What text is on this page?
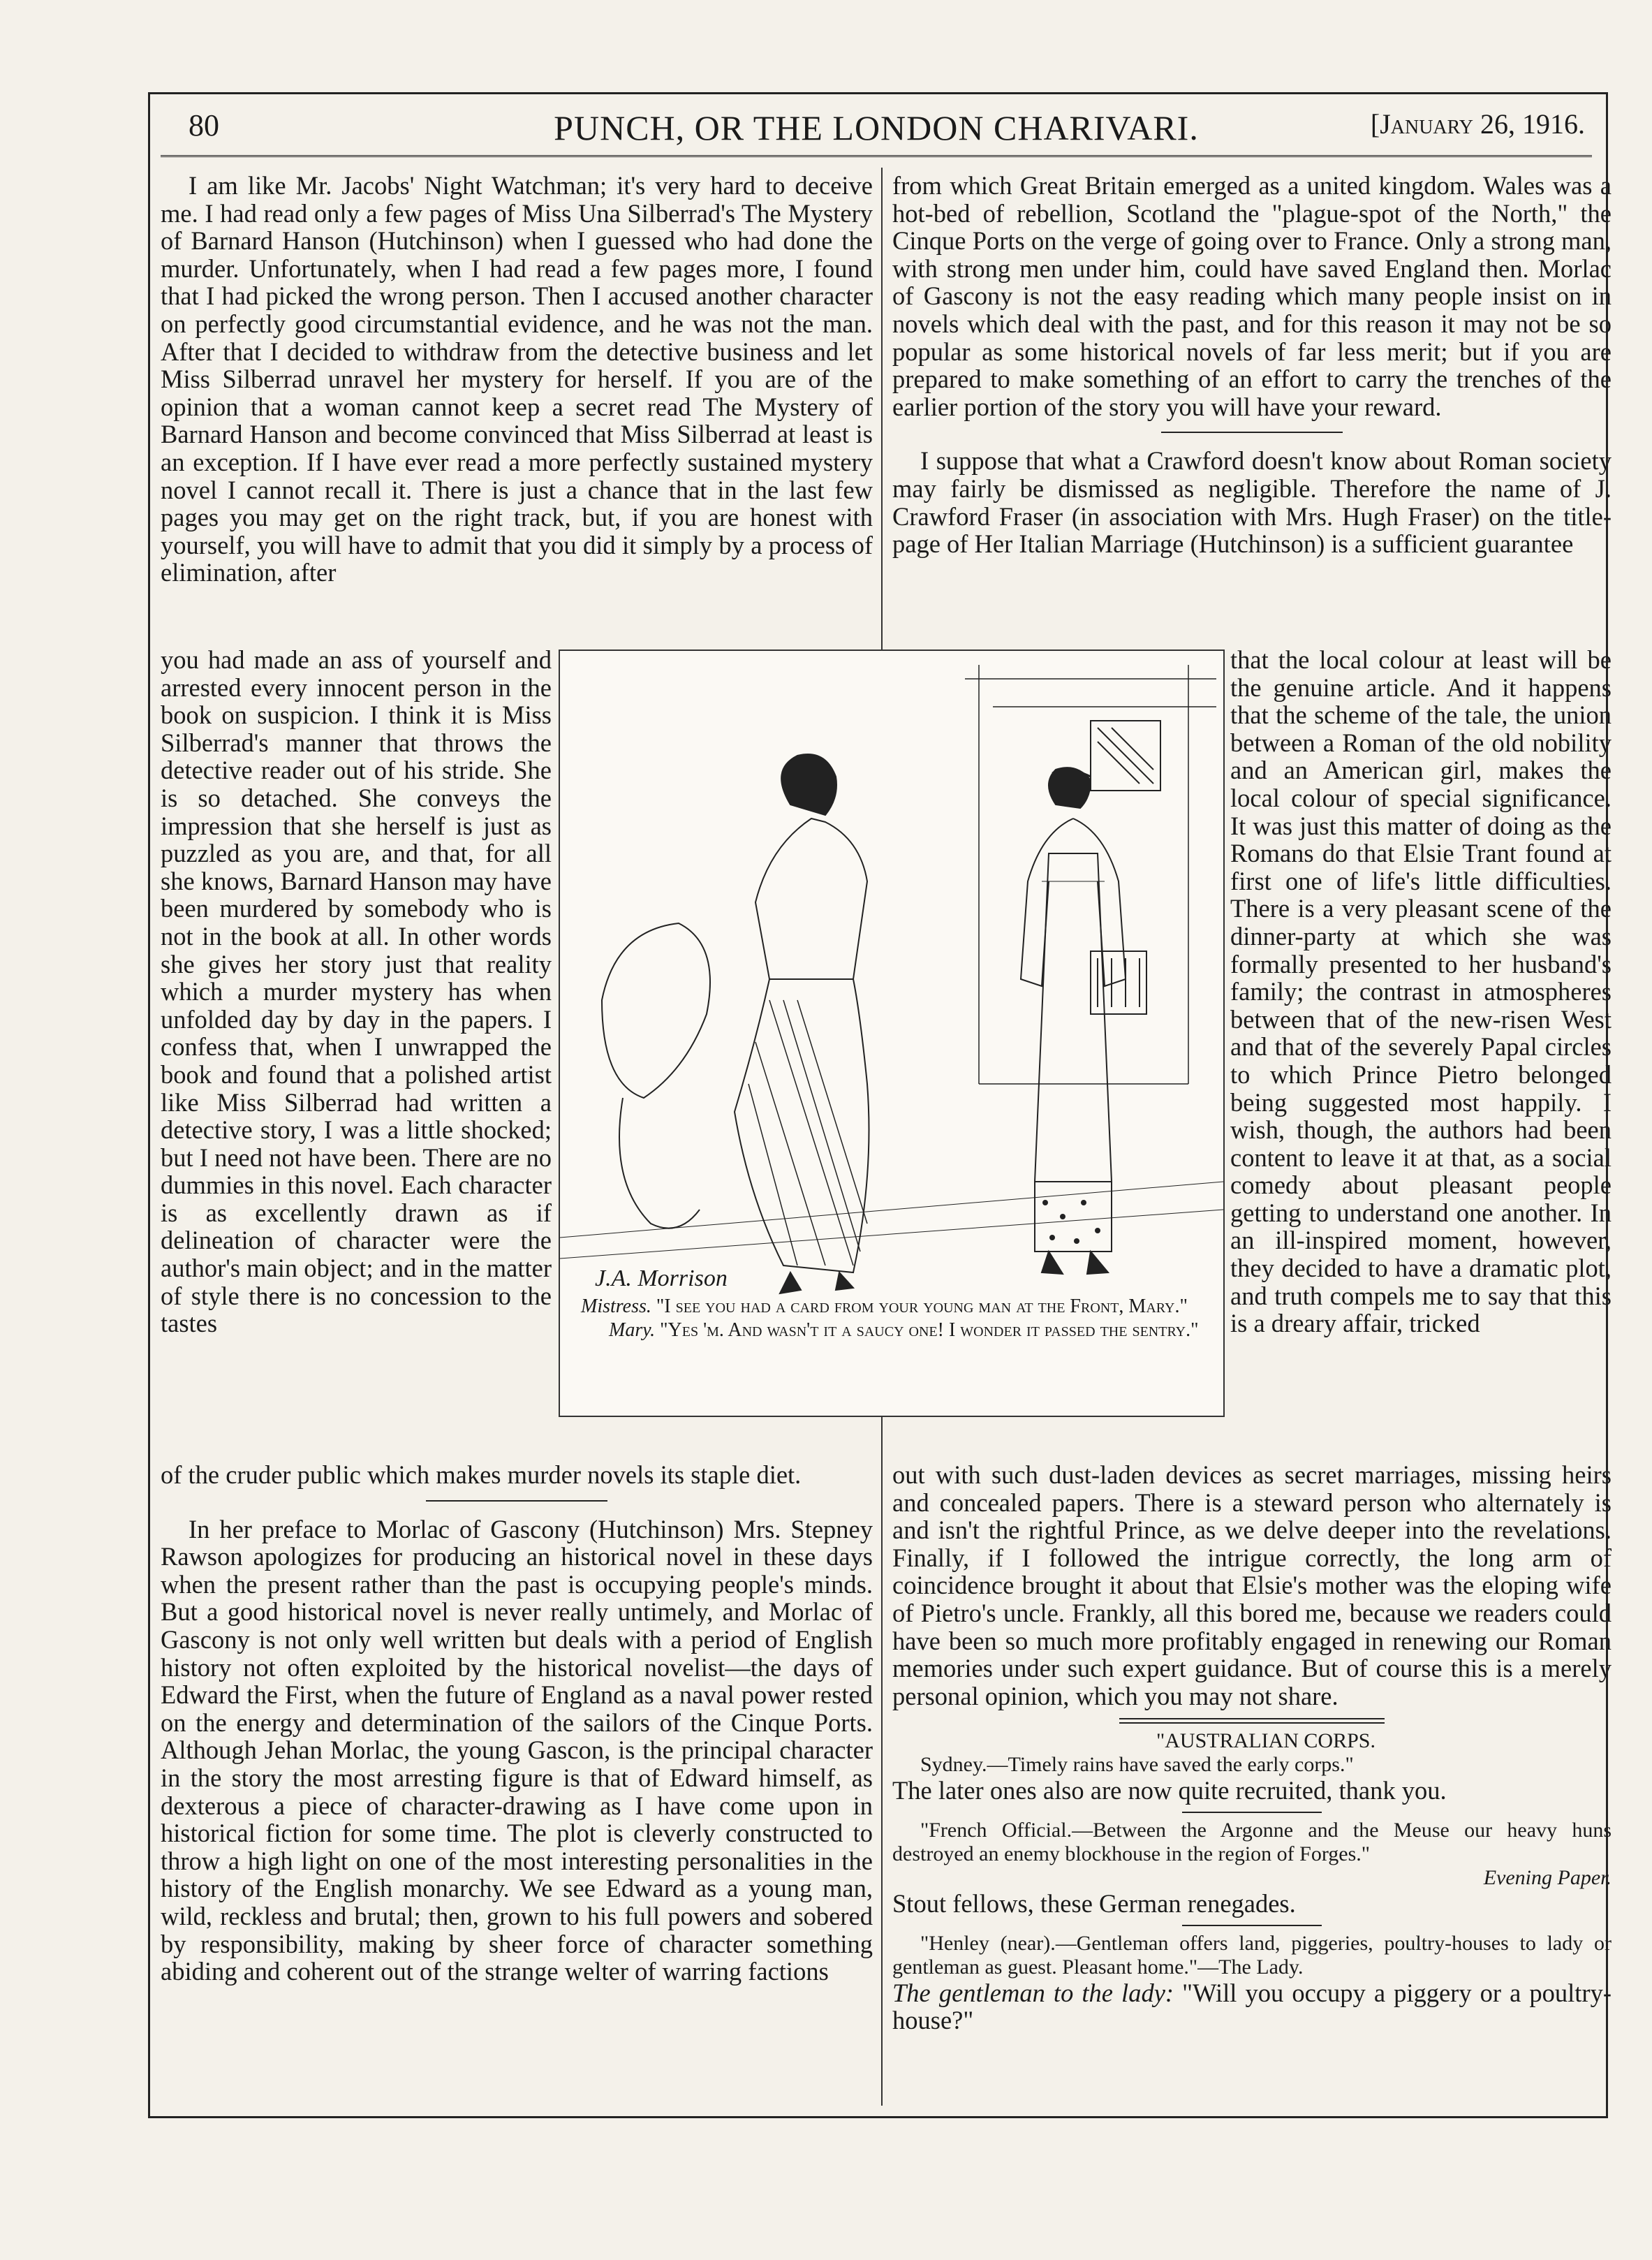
80	PUNCH, OR THE LONDON CHARIVARI.	[January 26, 1916.

I am like Mr. Jacobs' Night Watchman; it's very hard to deceive me. I had read only a few pages of Miss Una Silberrad's The Mystery of Barnard Hanson (Hutchinson) when I guessed who had done the murder. Unfortunately, when I had read a few pages more, I found that I had picked the wrong person. Then I accused another character on perfectly good circumstantial evidence, and he was not the man. After that I decided to withdraw from the detective business and let Miss Silberrad unravel her mystery for herself. If you are of the opinion that a woman cannot keep a secret read The Mystery of Barnard Hanson and become convinced that Miss Silberrad at least is an exception. If I have ever read a more perfectly sustained mystery novel I cannot recall it. There is just a chance that in the last few pages you may get on the right track, but, if you are honest with yourself, you will have to admit that you did it simply by a process of elimination, after

you had made an ass of yourself and arrested every innocent person in the book on suspicion. I think it is Miss Silberrad's manner that throws the detective reader out of his stride. She is so detached. She conveys the impression that she herself is just as puzzled as you are, and that, for all she knows, Barnard Hanson may have been murdered by somebody who is not in the book at all. In other words she gives her story just that reality which a murder mystery has when unfolded day by day in the papers. I confess that, when I unwrapped the book and found that a polished artist like Miss Silberrad had written a detective story, I was a little shocked; but I need not have been. There are no dummies in this novel. Each character is as excellently drawn as if delineation of character were the author's main object; and in the matter of style there is no concession to the tastes

of the cruder public which makes murder novels its staple diet.

In her preface to Morlac of Gascony (Hutchinson) Mrs. Stepney Rawson apologizes for producing an historical novel in these days when the present rather than the past is occupying people's minds. But a good historical novel is never really untimely, and Morlac of Gascony is not only well written but deals with a period of English history not often exploited by the historical novelist—the days of Edward the First, when the future of England as a naval power rested on the energy and determination of the sailors of the Cinque Ports. Although Jehan Morlac, the young Gascon, is the principal character in the story the most arresting figure is that of Edward himself, as dexterous a piece of character-drawing as I have come upon in historical fiction for some time. The plot is cleverly constructed to throw a high light on one of the most interesting personalities in the history of the English monarchy. We see Edward as a young man, wild, reckless and brutal; then, grown to his full powers and sobered by responsibility, making by sheer force of character something abiding and coherent out of the strange welter of warring factions

from which Great Britain emerged as a united kingdom. Wales was a hot-bed of rebellion, Scotland the "plague-spot of the North," the Cinque Ports on the verge of going over to France. Only a strong man, with strong men under him, could have saved England then. Morlac of Gascony is not the easy reading which many people insist on in novels which deal with the past, and for this reason it may not be so popular as some historical novels of far less merit; but if you are prepared to make something of an effort to carry the trenches of the earlier portion of the story you will have your reward.

I suppose that what a Crawford doesn't know about Roman society may fairly be dismissed as negligible. Therefore the name of J. Crawford Fraser (in association with Mrs. Hugh Fraser) on the title-page of Her Italian Marriage (Hutchinson) is a sufficient guarantee

that the local colour at least will be the genuine article. And it happens that the scheme of the tale, the union between a Roman of the old nobility and an American girl, makes the local colour of special significance. It was just this matter of doing as the Romans do that Elsie Trant found at first one of life's little difficulties. There is a very pleasant scene of the dinner-party at which she was formally presented to her husband's family; the contrast in atmospheres between that of the new-risen West and that of the severely Papal circles to which Prince Pietro belonged being suggested most happily. I wish, though, the authors had been content to leave it at that, as a social comedy about pleasant people getting to understand one another. In an ill-inspired moment, however, they decided to have a dramatic plot, and truth compels me to say that this is a dreary affair, tricked

out with such dust-laden devices as secret marriages, missing heirs and concealed papers. There is a steward person who alternately is and isn't the rightful Prince, as we delve deeper into the revelations. Finally, if I followed the intrigue correctly, the long arm of coincidence brought it about that Elsie's mother was the eloping wife of Pietro's uncle. Frankly, all this bored me, because we readers could have been so much more profitably engaged in renewing our Roman memories under such expert guidance. But of course this is a merely personal opinion, which you may not share.

"AUSTRALIAN CORPS.

Sydney.—Timely rains have saved the early corps."

The later ones also are now quite recruited, thank you.

"French Official.—Between the Argonne and the Meuse our heavy huns destroyed an enemy blockhouse in the region of Forges."

Evening Paper.

Stout fellows, these German renegades.

"Henley (near).—Gentleman offers land, piggeries, poultry-houses to lady or gentleman as guest. Pleasant home."—The Lady.

The gentleman to the lady: "Will you occupy a piggery or a poultry-house?"

J.A. Morrison

Mistress. "I see you had a card from your young man at the Front, Mary."

Mary. "Yes 'm. And wasn't it a saucy one! I wonder it passed the sentry."
